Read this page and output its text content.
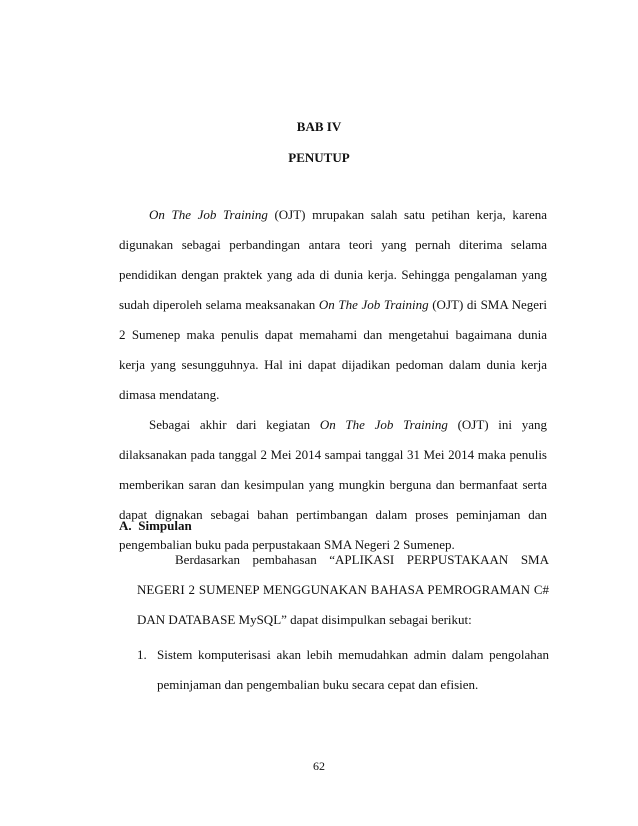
BAB IV
PENUTUP

On The Job Training (OJT) mrupakan salah satu petihan kerja, karena digunakan sebagai perbandingan antara teori yang pernah diterima selama pendidikan dengan praktek yang ada di dunia kerja. Sehingga pengalaman yang sudah diperoleh selama meaksanakan On The Job Training (OJT) di SMA Negeri 2 Sumenep maka penulis dapat memahami dan mengetahui bagaimana dunia kerja yang sesungguhnya. Hal ini dapat dijadikan pedoman dalam dunia kerja dimasa mendatang.

Sebagai akhir dari kegiatan On The Job Training (OJT) ini yang dilaksanakan pada tanggal 2 Mei 2014 sampai tanggal 31 Mei 2014 maka penulis memberikan saran dan kesimpulan yang mungkin berguna dan bermanfaat serta dapat dignakan sebagai bahan pertimbangan dalam proses peminjaman dan pengembalian buku pada perpustakaan SMA Negeri 2 Sumenep.

A. Simpulan
Berdasarkan pembahasan “APLIKASI PERPUSTAKAAN SMA NEGERI 2 SUMENEP MENGGUNAKAN BAHASA PEMROGRAMAN C# DAN DATABASE MySQL” dapat disimpulkan sebagai berikut:
1. Sistem komputerisasi akan lebih memudahkan admin dalam pengolahan peminjaman dan pengembalian buku secara cepat dan efisien.
62
